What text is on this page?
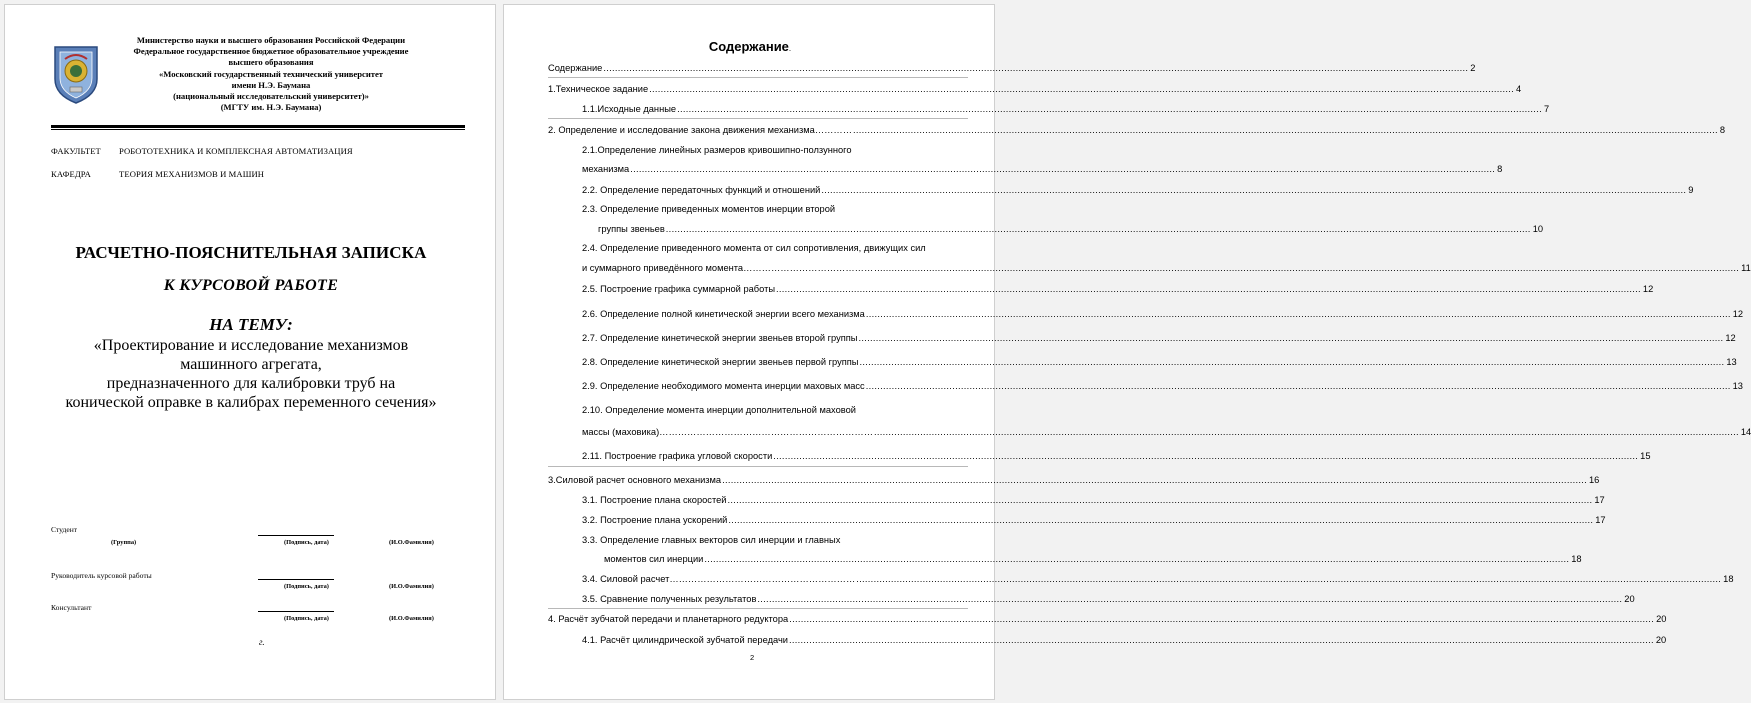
Министерство науки и высшего образования Российской Федерации
Федеральное государственное бюджетное образовательное учреждение
высшего образования
«Московский государственный технический университет
имени Н.Э. Баумана
(национальный исследовательский университет)»
(МГТУ им. Н.Э. Баумана)
ФАКУЛЬТЕТ РОБОТОТЕХНИКА И КОМПЛЕКСНАЯ АВТОМАТИЗАЦИЯ
КАФЕДРА	ТЕОРИЯ МЕХАНИЗМОВ И МАШИН
РАСЧЕТНО-ПОЯСНИТЕЛЬНАЯ ЗАПИСКА
К КУРСОВОЙ РАБОТЕ
НА ТЕМУ:
«Проектирование и исследование механизмов
машинного агрегата,
предназначенного для калибровки труб на
конической оправке в калибрах переменного сечения»
Студент
(Группа)	(Подпись, дата)	(И.О.Фамилия)
Руководитель курсовой работы
(Подпись, дата)	(И.О.Фамилия)
Консультант
(Подпись, дата)	(И.О.Фамилия)
г.
Содержание.
Содержание ............................................................................................................................................................................................................................................................................................................ 2
1.Техническое задание ............................................................................................................................................................................................................................................................................................................ 4
1.1.Исходные данные ............................................................................................................................................................................................................................................................................................................ 7
2. Определение и исследование закона движения механизма………… ............................................................................................................................................................................................................................................................................................................ 8
2.1.Определение линейных размеров кривошипно-ползунного
механизма ............................................................................................................................................................................................................................................................................................................ 8
2.2. Определение передаточных функций и отношений ............................................................................................................................................................................................................................................................................................................ 9
2.3. Определение приведенных моментов инерции второй
группы звеньев ............................................................................................................................................................................................................................................................................................................ 10
2.4. Определение приведенного момента от сил сопротивления, движущих сил
и суммарного приведённого момента…………………………………… ............................................................................................................................................................................................................................................................................................................ 11
2.5. Построение графика суммарной работы ............................................................................................................................................................................................................................................................................................................ 12
2.6. Определение полной кинетической энергии всего механизма ............................................................................................................................................................................................................................................................................................................ 12
2.7. Определение кинетической энергии звеньев второй группы ............................................................................................................................................................................................................................................................................................................ 12
2.8. Определение кинетической энергии звеньев первой группы ............................................................................................................................................................................................................................................................................................................ 13
2.9. Определение необходимого момента инерции маховых масс ............................................................................................................................................................................................................................................................................................................ 13
2.10. Определение момента инерции дополнительной маховой
массы (маховика)…………………………………………………………… ............................................................................................................................................................................................................................................................................................................ 14
2.11. Построение графика угловой скорости ............................................................................................................................................................................................................................................................................................................ 15
3.Силовой расчет основного механизма ............................................................................................................................................................................................................................................................................................................ 16
3.1. Построение плана скоростей ............................................................................................................................................................................................................................................................................................................ 17
3.2. Построение плана ускорений ............................................................................................................................................................................................................................................................................................................ 17
3.3. Определение главных векторов сил инерции и главных
моментов сил инерции ............................................................................................................................................................................................................................................................................................................ 18
3.4. Силовой расчет…………………………………………………… ............................................................................................................................................................................................................................................................................................................ 18
3.5. Сравнение полученных результатов ............................................................................................................................................................................................................................................................................................................ 20
4. Расчёт зубчатой передачи и планетарного редуктора ............................................................................................................................................................................................................................................................................................................ 20
4.1. Расчёт цилиндрической зубчатой передачи ............................................................................................................................................................................................................................................................................................................ 20
2
